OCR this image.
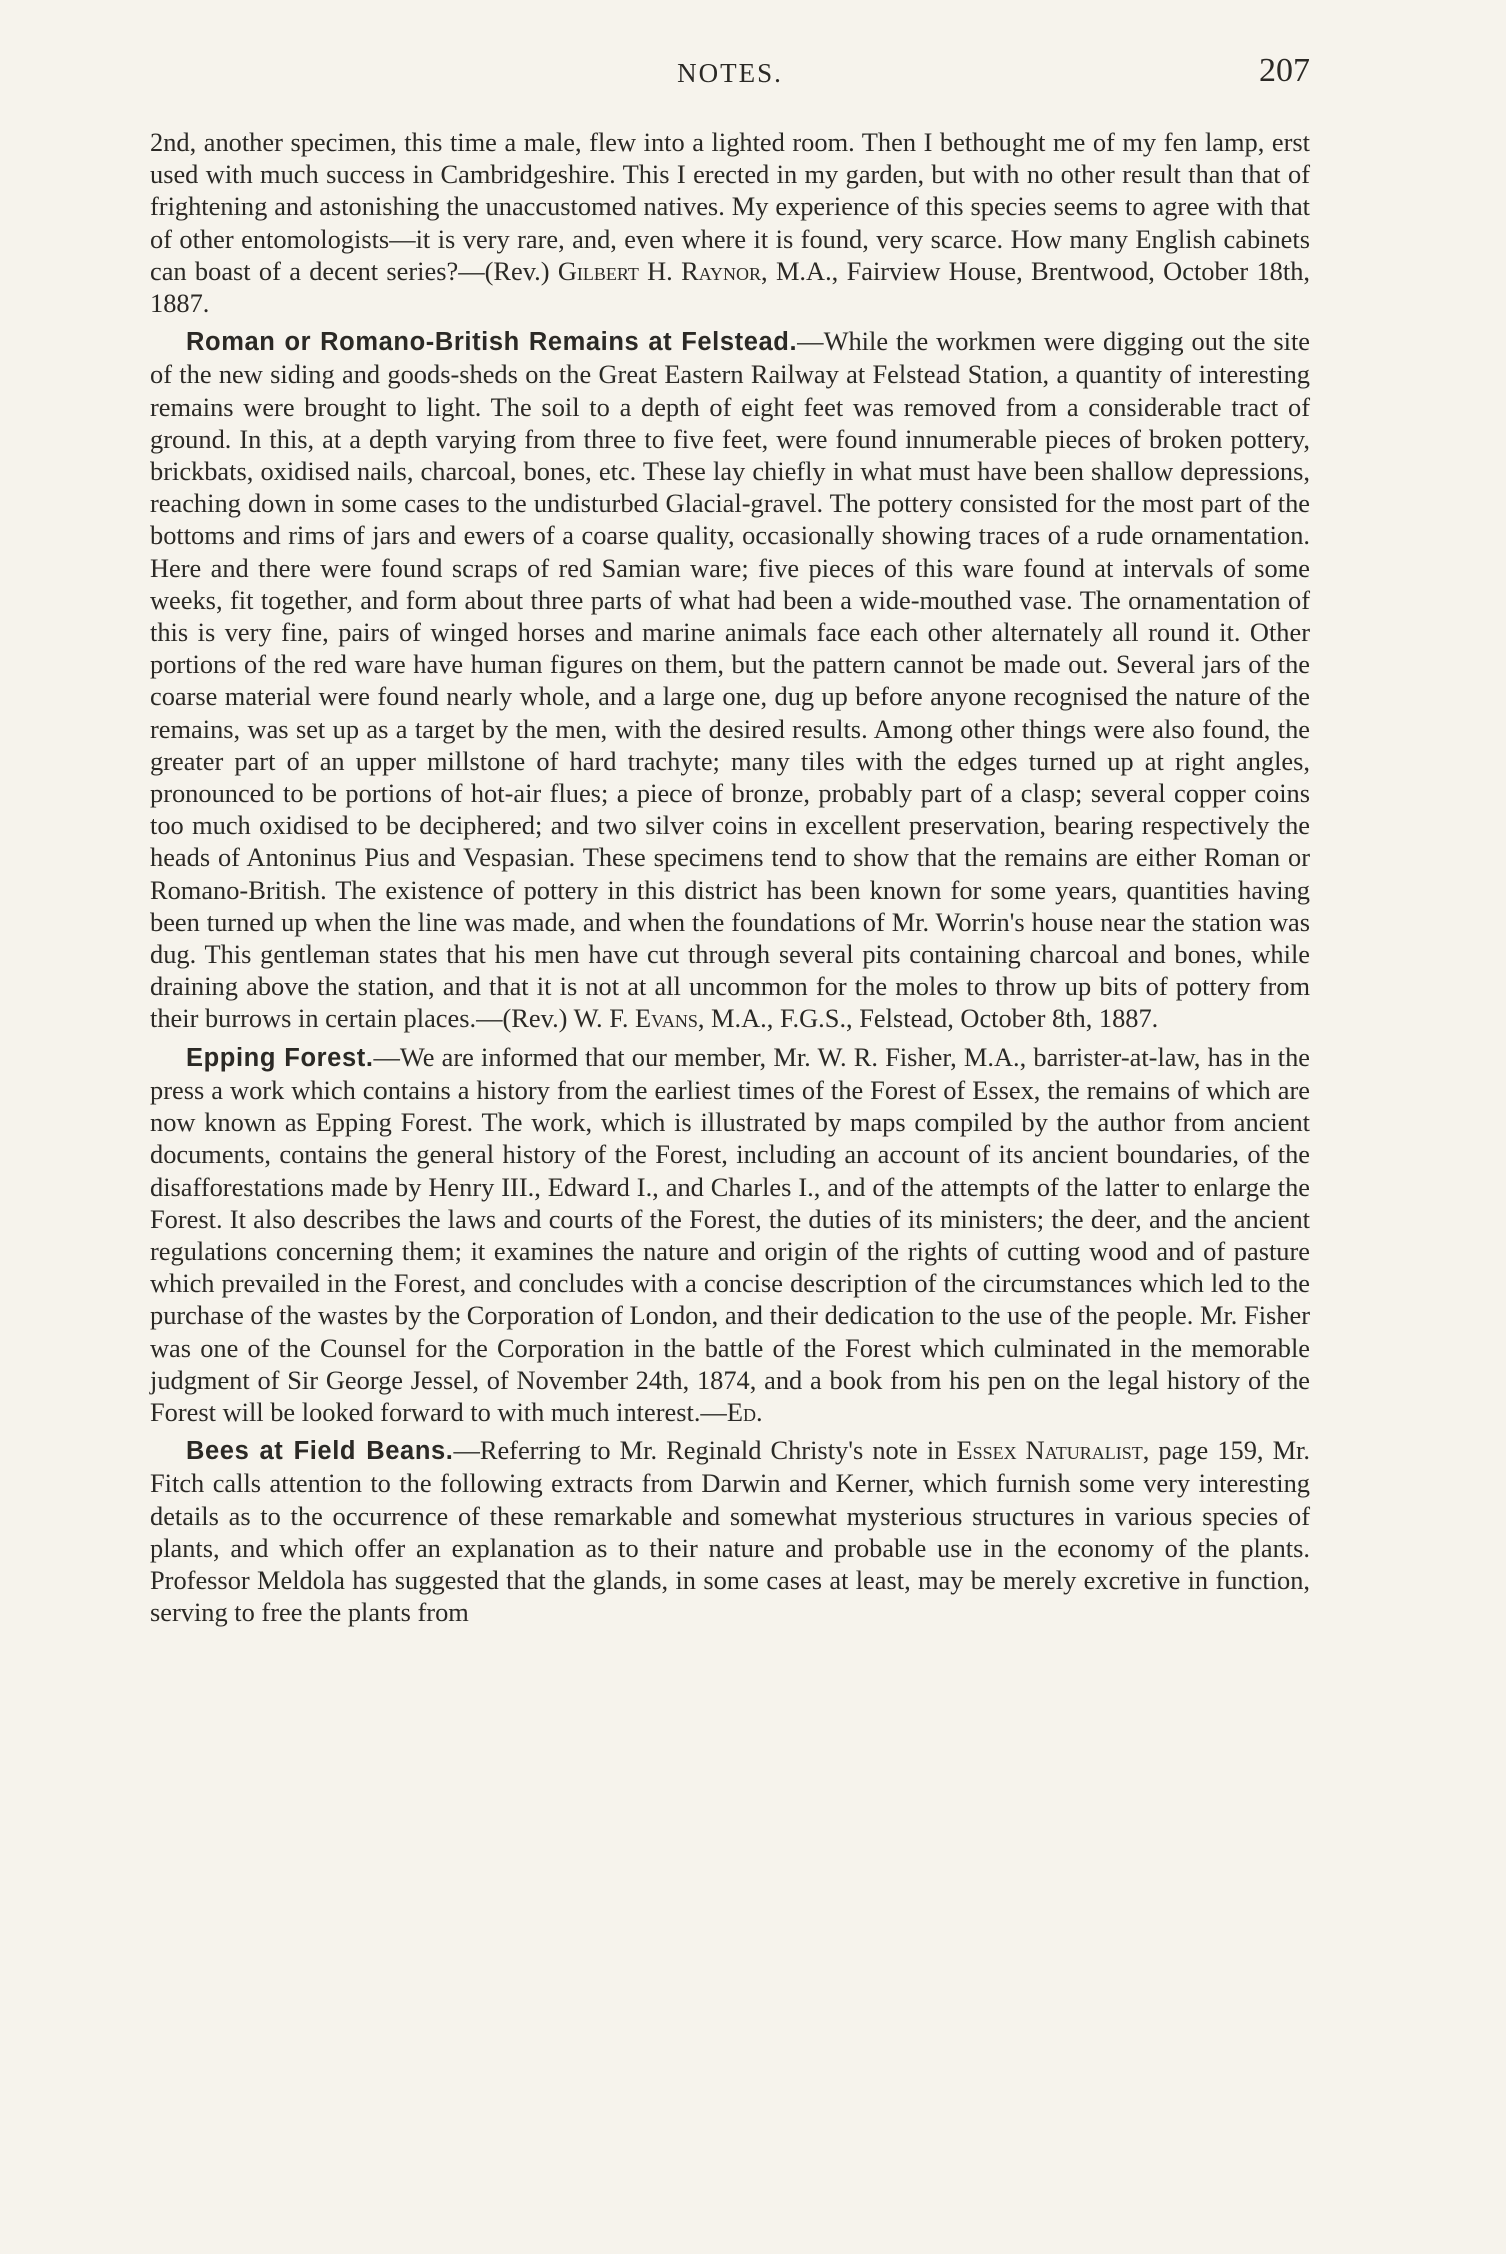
NOTES.	207

2nd, another specimen, this time a male, flew into a lighted room. Then I bethought me of my fen lamp, erst used with much success in Cambridgeshire. This I erected in my garden, but with no other result than that of frightening and astonishing the unaccustomed natives. My experience of this species seems to agree with that of other entomologists—it is very rare, and, even where it is found, very scarce. How many English cabinets can boast of a decent series?—(Rev.) Gilbert H. Raynor, M.A., Fairview House, Brentwood, October 18th, 1887.

Roman or Romano-British Remains at Felstead.—While the workmen were digging out the site of the new siding and goods-sheds on the Great Eastern Railway at Felstead Station, a quantity of interesting remains were brought to light. The soil to a depth of eight feet was removed from a considerable tract of ground. In this, at a depth varying from three to five feet, were found innumerable pieces of broken pottery, brickbats, oxidised nails, charcoal, bones, etc. These lay chiefly in what must have been shallow depressions, reaching down in some cases to the undisturbed Glacial-gravel. The pottery consisted for the most part of the bottoms and rims of jars and ewers of a coarse quality, occasionally showing traces of a rude ornamentation. Here and there were found scraps of red Samian ware; five pieces of this ware found at intervals of some weeks, fit together, and form about three parts of what had been a wide-mouthed vase. The ornamentation of this is very fine, pairs of winged horses and marine animals face each other alternately all round it. Other portions of the red ware have human figures on them, but the pattern cannot be made out. Several jars of the coarse material were found nearly whole, and a large one, dug up before anyone recognised the nature of the remains, was set up as a target by the men, with the desired results. Among other things were also found, the greater part of an upper millstone of hard trachyte; many tiles with the edges turned up at right angles, pronounced to be portions of hot-air flues; a piece of bronze, probably part of a clasp; several copper coins too much oxidised to be deciphered; and two silver coins in excellent preservation, bearing respectively the heads of Antoninus Pius and Vespasian. These specimens tend to show that the remains are either Roman or Romano-British. The existence of pottery in this district has been known for some years, quantities having been turned up when the line was made, and when the foundations of Mr. Worrin's house near the station was dug. This gentleman states that his men have cut through several pits containing charcoal and bones, while draining above the station, and that it is not at all uncommon for the moles to throw up bits of pottery from their burrows in certain places.—(Rev.) W. F. Evans, M.A., F.G.S., Felstead, October 8th, 1887.

Epping Forest.—We are informed that our member, Mr. W. R. Fisher, M.A., barrister-at-law, has in the press a work which contains a history from the earliest times of the Forest of Essex, the remains of which are now known as Epping Forest. The work, which is illustrated by maps compiled by the author from ancient documents, contains the general history of the Forest, including an account of its ancient boundaries, of the disafforestations made by Henry III., Edward I., and Charles I., and of the attempts of the latter to enlarge the Forest. It also describes the laws and courts of the Forest, the duties of its ministers; the deer, and the ancient regulations concerning them; it examines the nature and origin of the rights of cutting wood and of pasture which prevailed in the Forest, and concludes with a concise description of the circumstances which led to the purchase of the wastes by the Corporation of London, and their dedication to the use of the people. Mr. Fisher was one of the Counsel for the Corporation in the battle of the Forest which culminated in the memorable judgment of Sir George Jessel, of November 24th, 1874, and a book from his pen on the legal history of the Forest will be looked forward to with much interest.—Ed.

Bees at Field Beans.—Referring to Mr. Reginald Christy's note in Essex Naturalist, page 159, Mr. Fitch calls attention to the following extracts from Darwin and Kerner, which furnish some very interesting details as to the occurrence of these remarkable and somewhat mysterious structures in various species of plants, and which offer an explanation as to their nature and probable use in the economy of the plants. Professor Meldola has suggested that the glands, in some cases at least, may be merely excretive in function, serving to free the plants from
